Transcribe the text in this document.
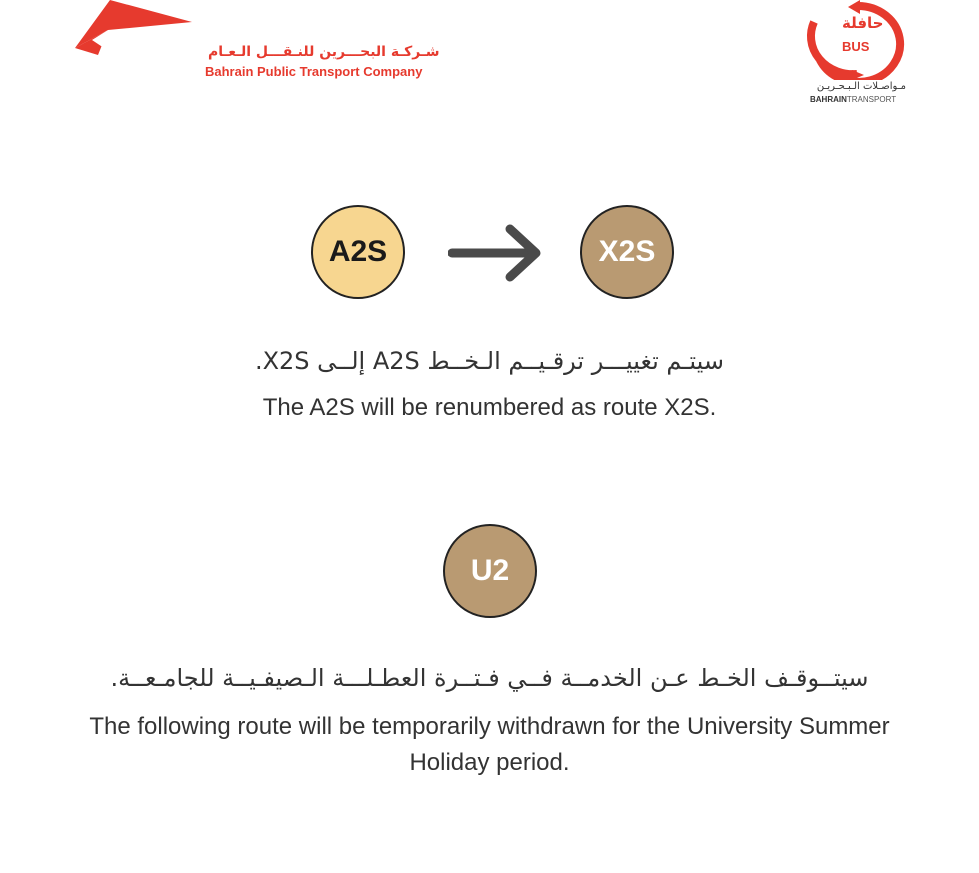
شـركـة البحـــرين للنـقـــل الـعـام
Bahrain Public Transport Company
حافلة
BUS
مـواصـلات الـبـحـريـن
BAHRAINTRANSPORT
A2S	X2S
سيتـم تغييـــر ترقـيــم الـخــط A2S إلــى X2S.
The A2S will be renumbered as route X2S.
U2
سيتــوقـف الخـط عـن الخدمــة فــي فـتــرة العطـلـــة الـصيفـيــة للجامـعــة.
The following route will be temporarily withdrawn for the University Summer Holiday period.
